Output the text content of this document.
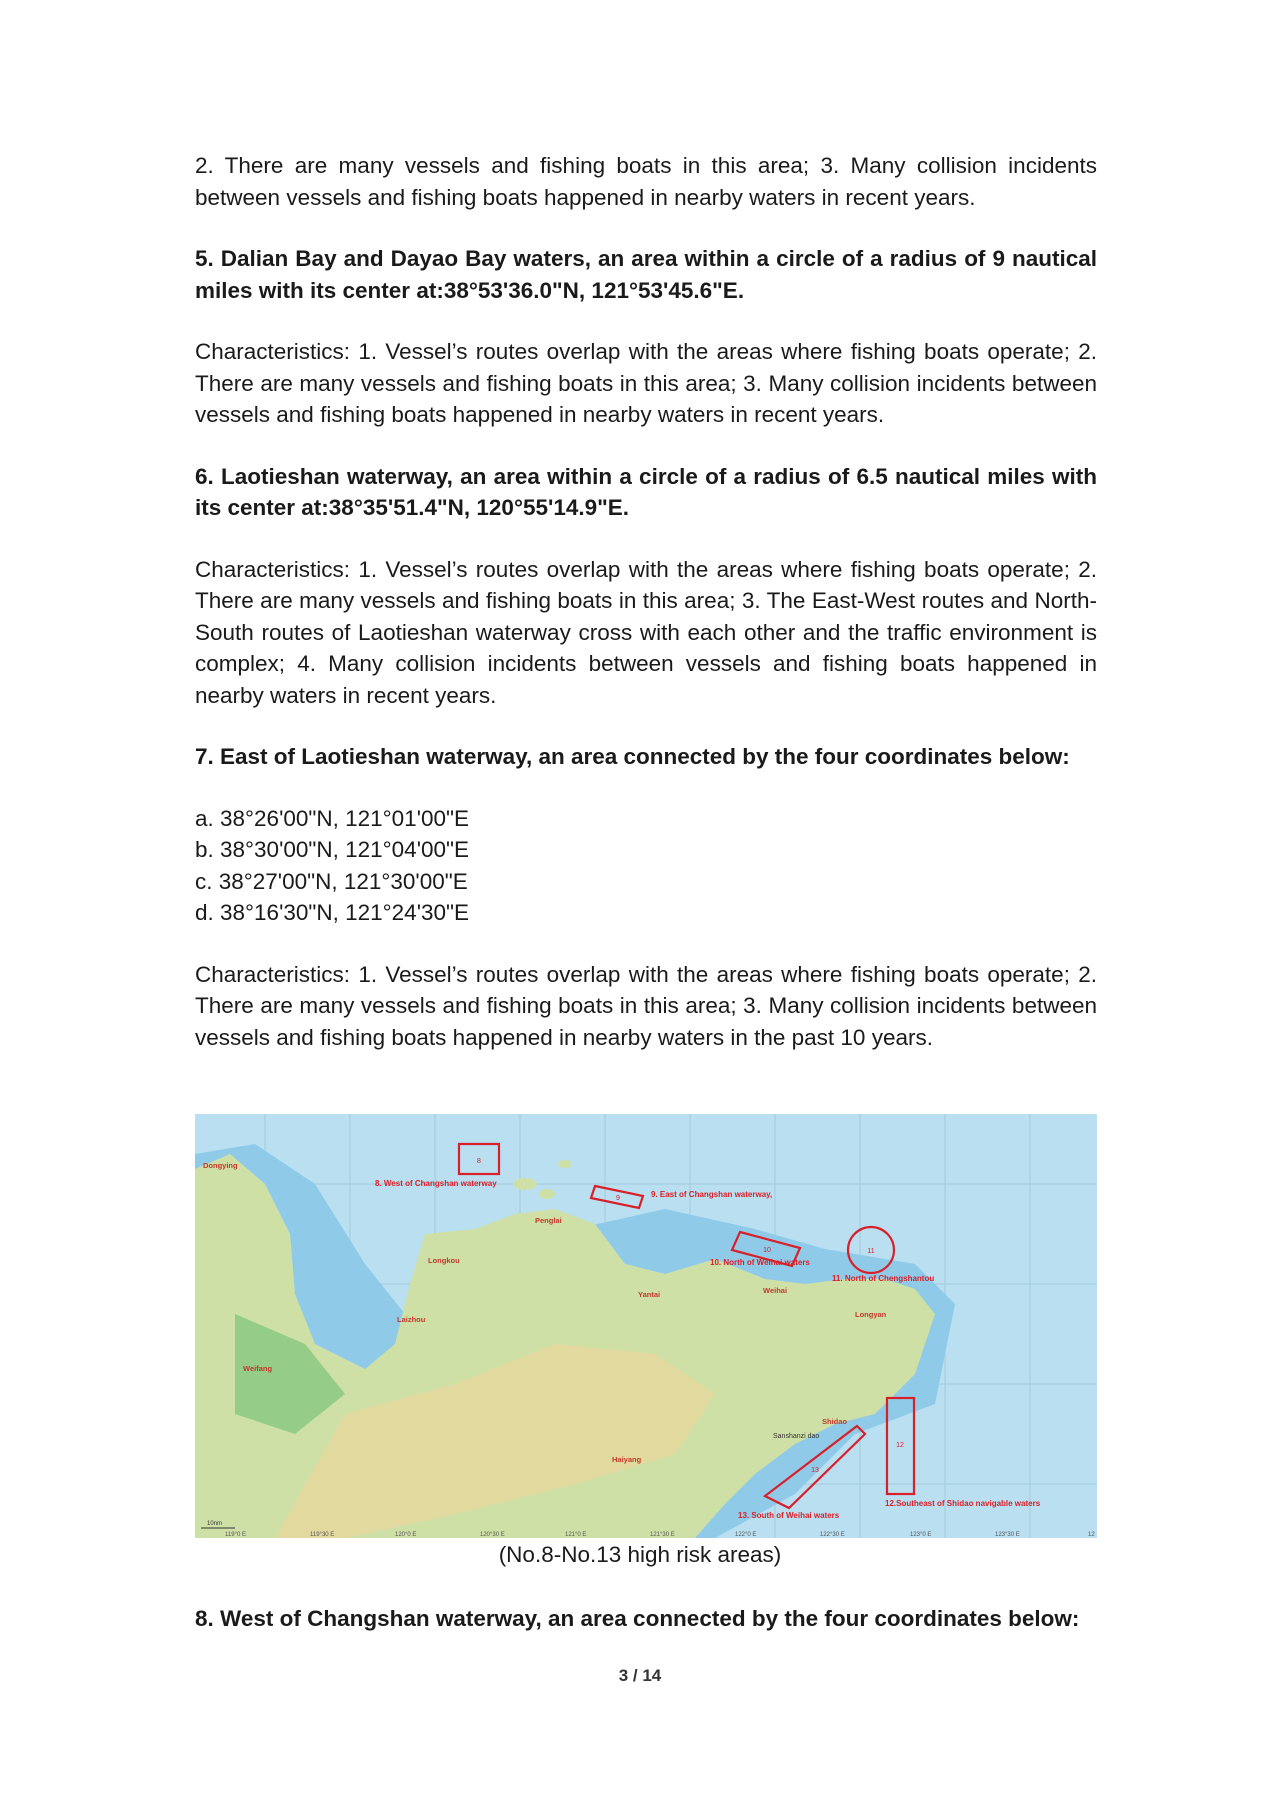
2. There are many vessels and fishing boats in this area; 3. Many collision incidents between vessels and fishing boats happened in nearby waters in recent years.

5. Dalian Bay and Dayao Bay waters, an area within a circle of a radius of 9 nautical miles with its center at:38°53'36.0"N, 121°53'45.6"E.

Characteristics: 1. Vessel’s routes overlap with the areas where fishing boats operate; 2. There are many vessels and fishing boats in this area; 3. Many collision incidents between vessels and fishing boats happened in nearby waters in recent years.

6. Laotieshan waterway, an area within a circle of a radius of 6.5 nautical miles with its center at:38°35'51.4"N, 120°55'14.9"E.

Characteristics: 1. Vessel’s routes overlap with the areas where fishing boats operate; 2. There are many vessels and fishing boats in this area; 3. The East-West routes and North-South routes of Laotieshan waterway cross with each other and the traffic environment is complex; 4. Many collision incidents between vessels and fishing boats happened in nearby waters in recent years.

7. East of Laotieshan waterway, an area connected by the four coordinates below:

a. 38°26'00"N, 121°01'00"E

b. 38°30'00"N, 121°04'00"E

c. 38°27'00"N, 121°30'00"E

d. 38°16'30"N, 121°24'30"E

Characteristics: 1. Vessel’s routes overlap with the areas where fishing boats operate; 2. There are many vessels and fishing boats in this area; 3. Many collision incidents between vessels and fishing boats happened in nearby waters in the past 10 years.

8
9
10	11
12
13
8. West of Changshan waterway
9. East of Changshan waterway,
10. North of Weihai waters
11. North of Chengshantou
12.Southeast of Shidao navigable waters
13. South of Weihai waters
Dongying
Penglai
Longkou
Laizhou
Weifang
Yantai	Weihai
Longyan
Shidao
Haiyang
Sanshanzi dao
10nm
119°0 E	119°30 E	120°0 E	120°30 E	121°0 E	121°30 E	122°0 E	122°30 E	123°0 E	123°30 E	12
(No.8-No.13 high risk areas)
8. West of Changshan waterway, an area connected by the four coordinates below:
3 / 14
